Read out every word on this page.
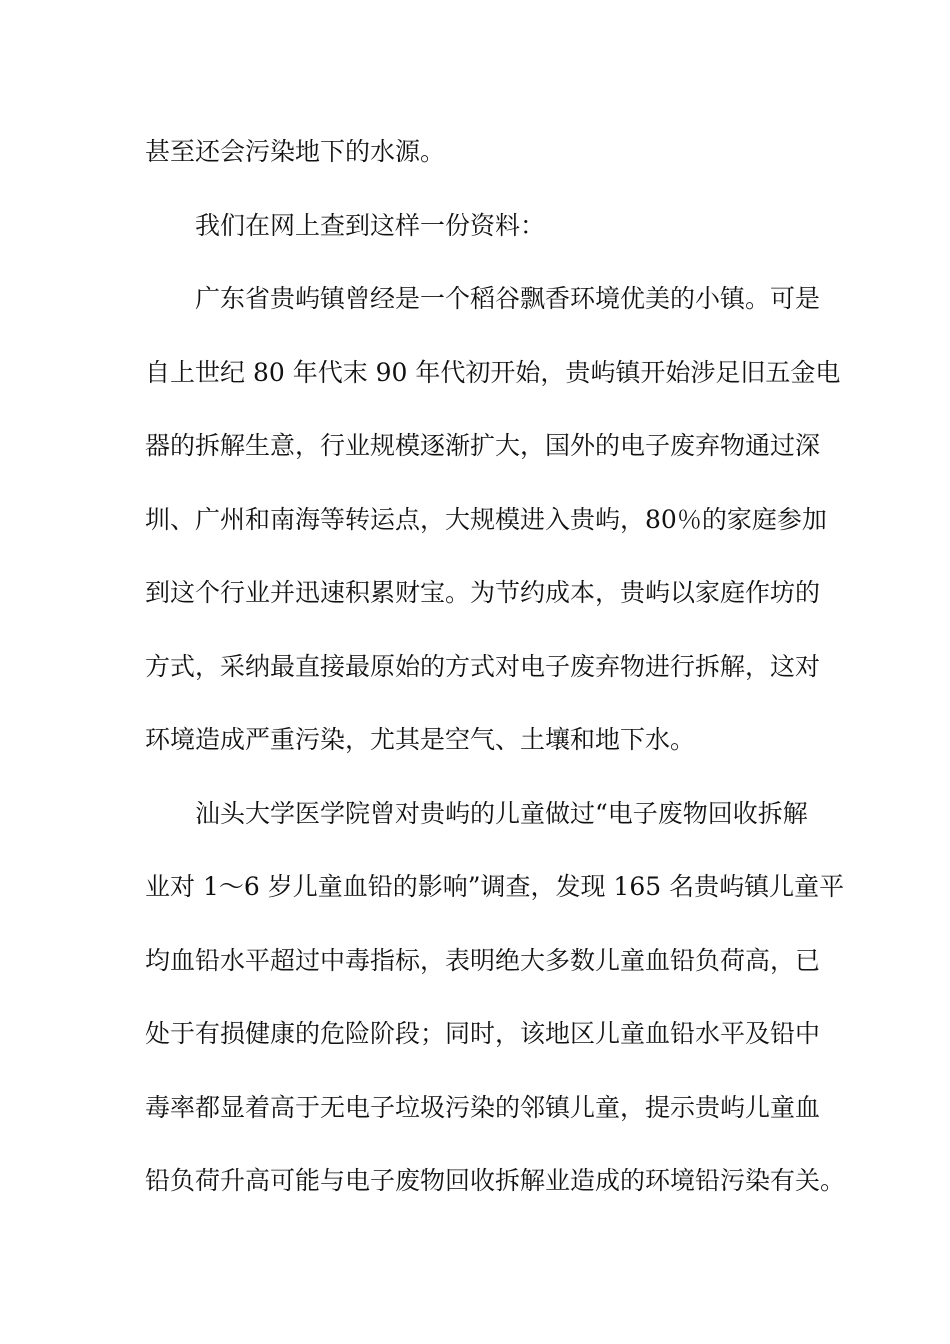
甚至还会污染地下的水源。
我们在网上查到这样一份资料：
广东省贵屿镇曾经是一个稻谷飘香环境优美的小镇。可是
自上世纪 80 年代末 90 年代初开始，贵屿镇开始涉足旧五金电
器的拆解生意，行业规模逐渐扩大，国外的电子废弃物通过深
圳、广州和南海等转运点，大规模进入贵屿，80％的家庭参加
到这个行业并迅速积累财宝。为节约成本，贵屿以家庭作坊的
方式，采纳最直接最原始的方式对电子废弃物进行拆解，这对
环境造成严重污染，尤其是空气、土壤和地下水。
汕头大学医学院曾对贵屿的儿童做过“电子废物回收拆解
业对 1～6 岁儿童血铅的影响”调查，发现 165 名贵屿镇儿童平
均血铅水平超过中毒指标，表明绝大多数儿童血铅负荷高，已
处于有损健康的危险阶段；同时，该地区儿童血铅水平及铅中
毒率都显着高于无电子垃圾污染的邻镇儿童，提示贵屿儿童血
铅负荷升高可能与电子废物回收拆解业造成的环境铅污染有关。
